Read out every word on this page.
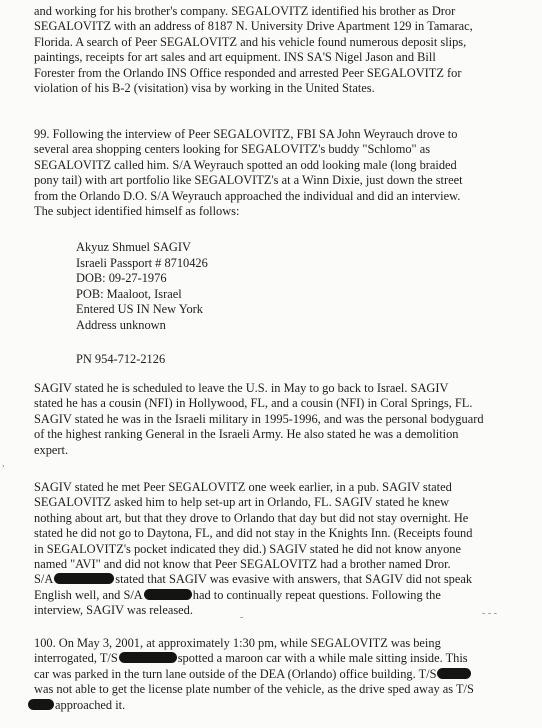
and working for his brother's company. SEGALOVITZ identified his brother as Dror
SEGALOVITZ with an address of 8187 N. University Drive Apartment 129 in Tamarac,
Florida. A search of Peer SEGALOVITZ and his vehicle found numerous deposit slips,
paintings, receipts for art sales and art equipment. INS SA'S Nigel Jason and Bill
Forester from the Orlando INS Office responded and arrested Peer SEGALOVITZ for
violation of his B-2 (visitation) visa by working in the United States.
99. Following the interview of Peer SEGALOVITZ, FBI SA John Weyrauch drove to
several area shopping centers looking for SEGALOVITZ's buddy "Schlomo" as
SEGALOVITZ called him. S/A Weyrauch spotted an odd looking male (long braided
pony tail) with art portfolio like SEGALOVITZ's at a Winn Dixie, just down the street
from the Orlando D.O. S/A Weyrauch approached the individual and did an interview.
The subject identified himself as follows:
Akyuz Shmuel SAGIV
Israeli Passport # 8710426
DOB: 09-27-1976
POB: Maaloot, Israel
Entered US IN New York
Address unknown
PN 954-712-2126
SAGIV stated he is scheduled to leave the U.S. in May to go back to Israel. SAGIV
stated he has a cousin (NFI) in Hollywood, FL, and a cousin (NFI) in Coral Springs, FL.
SAGIV stated he was in the Israeli military in 1995-1996, and was the personal bodyguard
of the highest ranking General in the Israeli Army. He also stated he was a demolition
expert.
SAGIV stated he met Peer SEGALOVITZ one week earlier, in a pub. SAGIV stated
SEGALOVITZ asked him to help set-up art in Orlando, FL. SAGIV stated he knew
nothing about art, but that they drove to Orlando that day but did not stay overnight. He
stated he did not go to Daytona, FL, and did not stay in the Knights Inn. (Receipts found
in SEGALOVITZ's pocket indicated they did.) SAGIV stated he did not know anyone
named "AVI" and did not know that Peer SEGALOVITZ had a brother named Dror.
S/A	stated that SAGIV was evasive with answers, that SAGIV did not speak
English well, and S/A	had to continually repeat questions. Following the
interview, SAGIV was released.
100. On May 3, 2001, at approximately 1:30 pm, while SEGALOVITZ was being
interrogated, T/S	spotted a maroon car with a while male sitting inside. This
car was parked in the turn lane outside of the DEA (Orlando) office building. T/S
was not able to get the license plate number of the vehicle, as the drive sped away as T/S
approached it.
- - -
-
,
